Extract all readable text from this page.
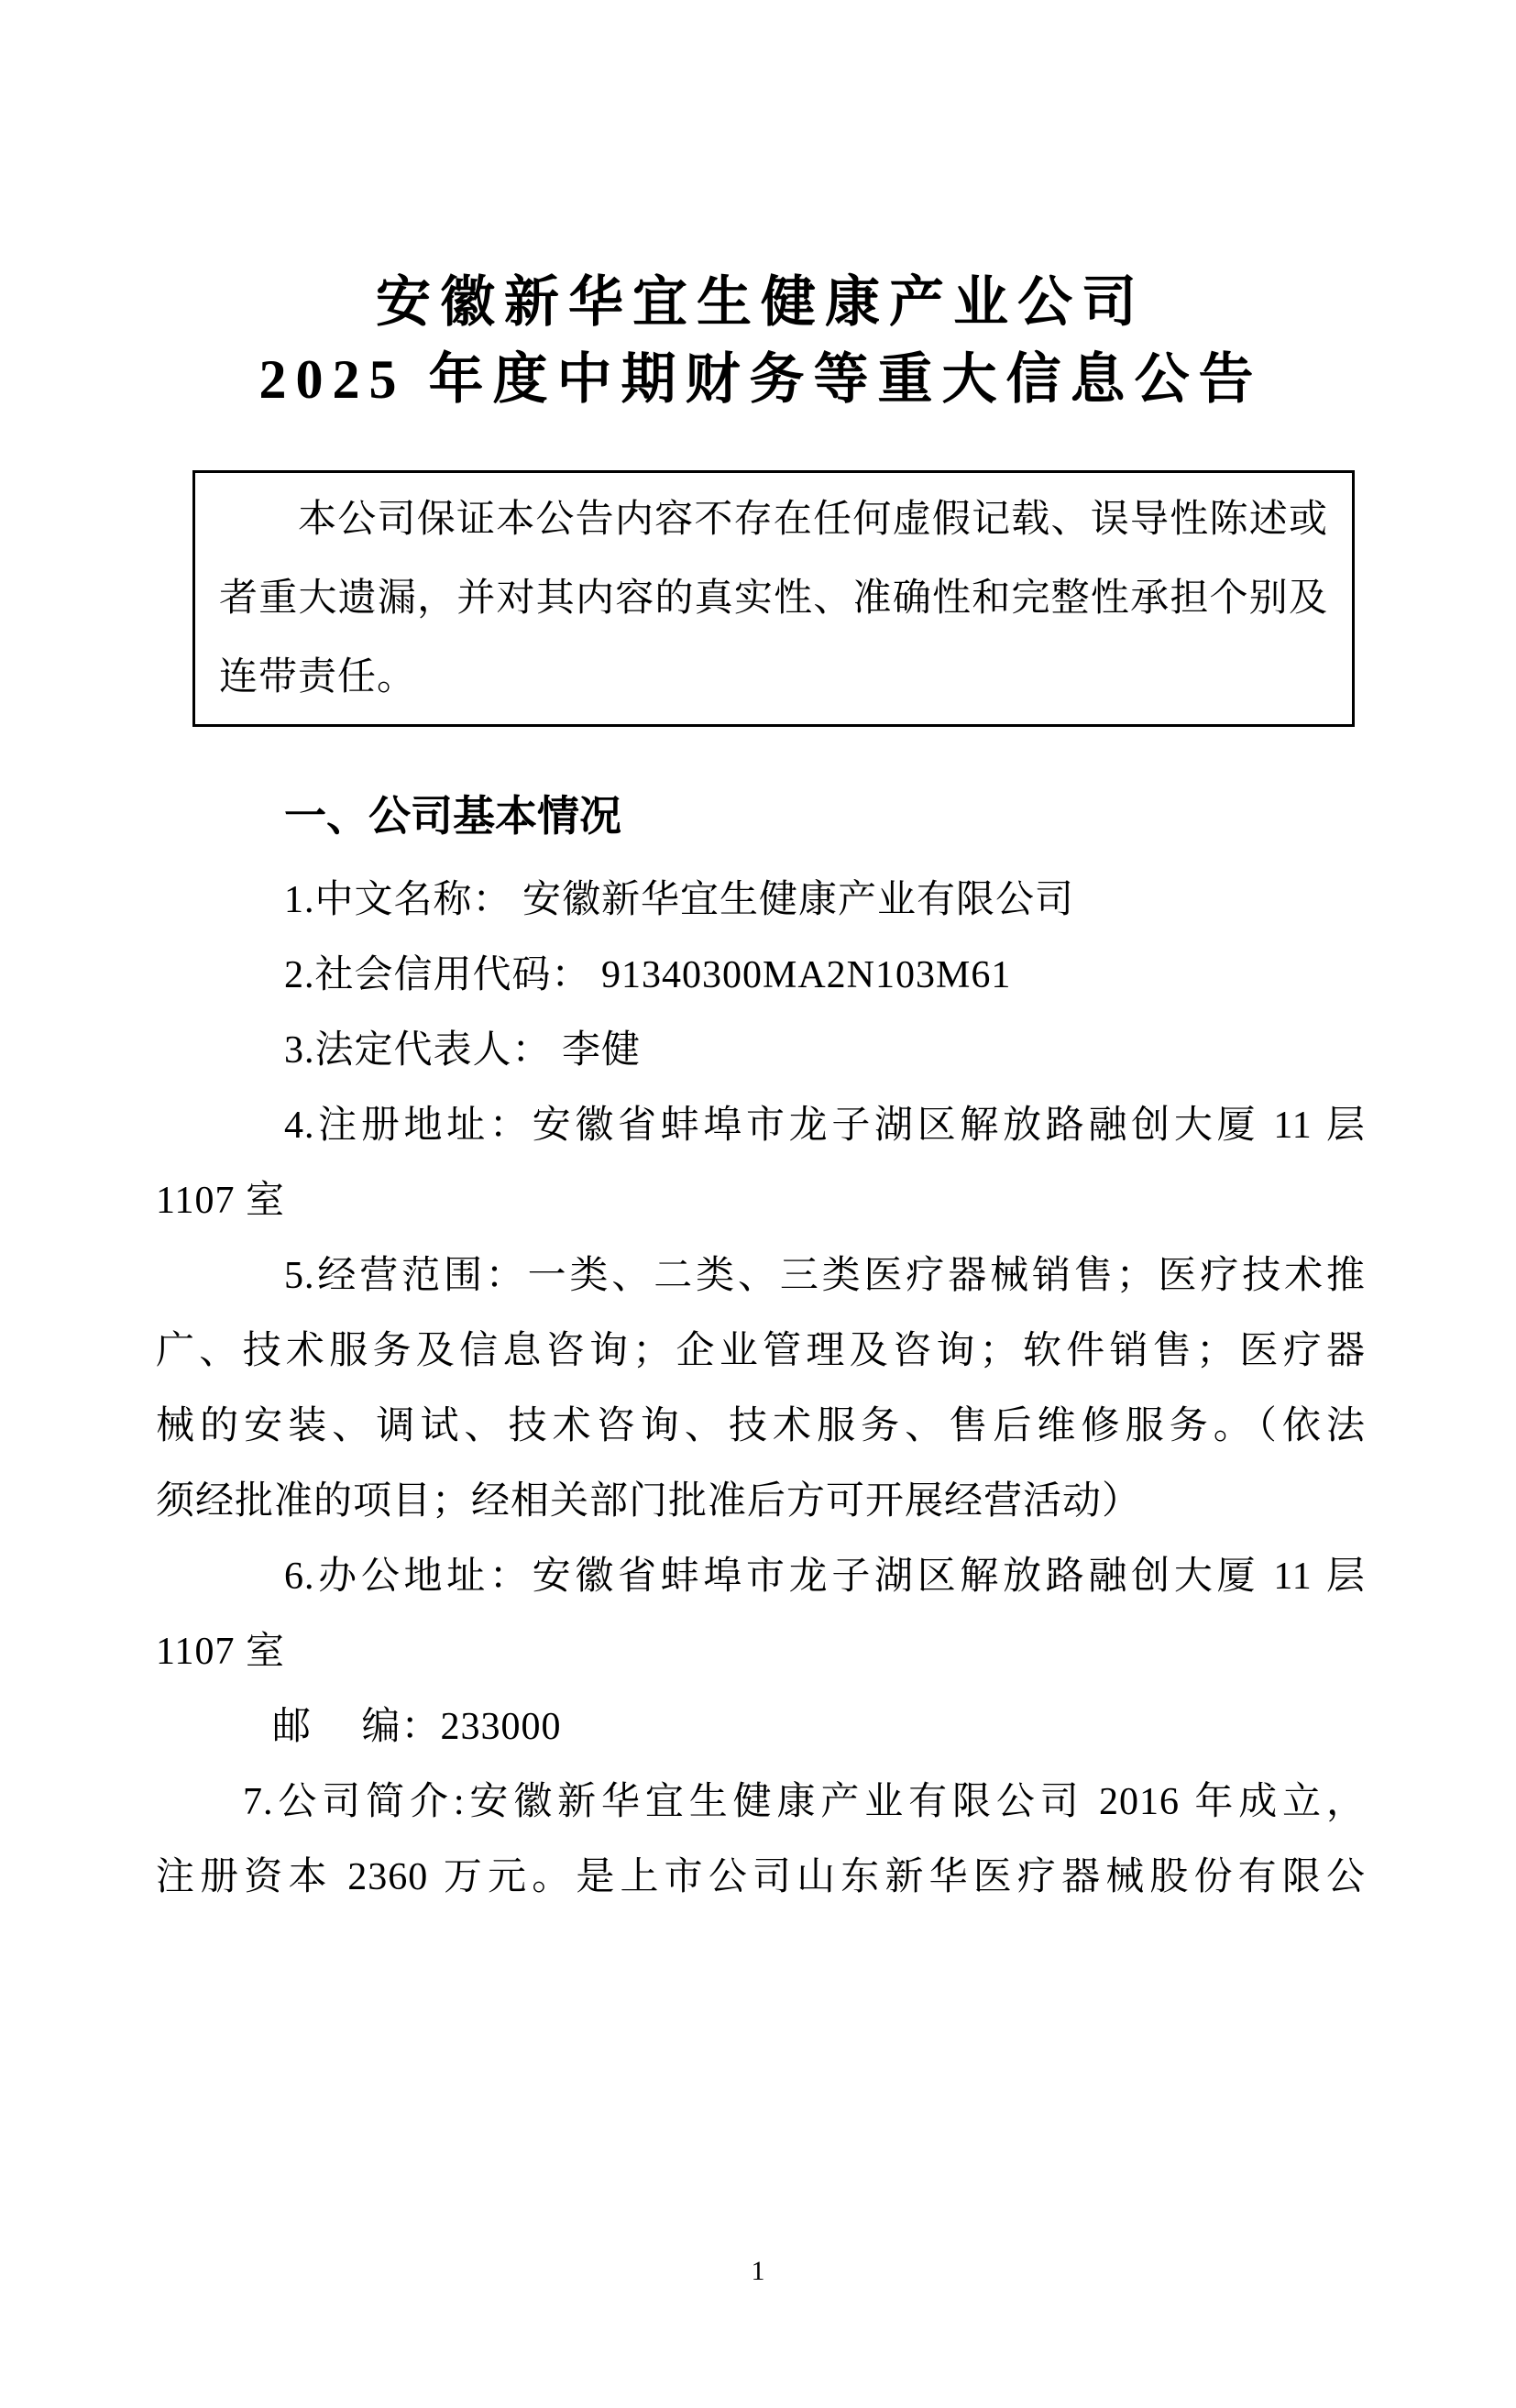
安徽新华宜生健康产业公司
2025 年度中期财务等重大信息公告
本公司保证本公告内容不存在任何虚假记载、误导性陈述或
者重大遗漏，并对其内容的真实性、准确性和完整性承担个别及
连带责任。
一、公司基本情况
1.中文名称： 安徽新华宜生健康产业有限公司
2.社会信用代码： 91340300MA2N103M61
3.法定代表人： 李健
4.注册地址：安徽省蚌埠市龙子湖区解放路融创大厦 11 层
1107 室
5.经营范围：一类、二类、三类医疗器械销售；医疗技术推
广、技术服务及信息咨询；企业管理及咨询；软件销售；医疗器
械的安装、调试、技术咨询、技术服务、售后维修服务。（依法
须经批准的项目；经相关部门批准后方可开展经营活动）
6.办公地址：安徽省蚌埠市龙子湖区解放路融创大厦 11 层
1107 室
邮　 编：233000
7.公司简介:安徽新华宜生健康产业有限公司 2016 年成立，
注册资本 2360 万元。是上市公司山东新华医疗器械股份有限公
1
